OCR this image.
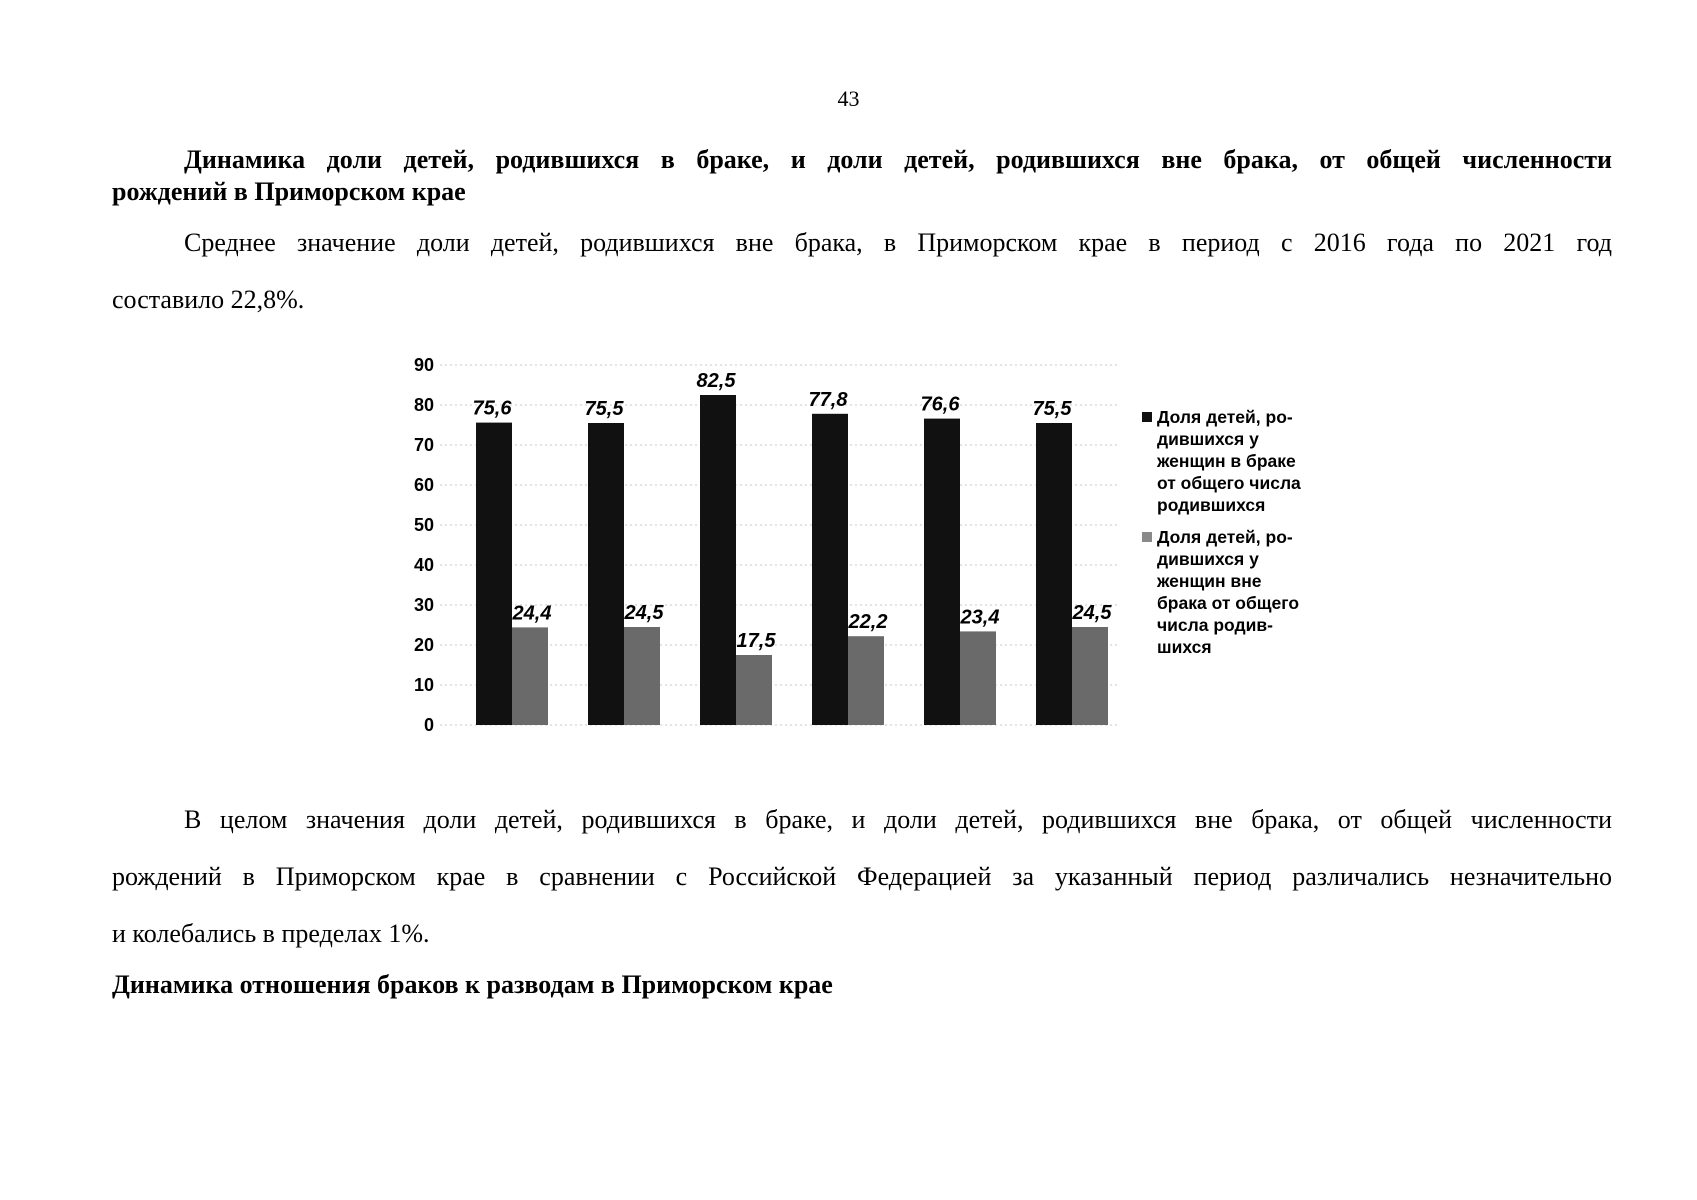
43
Динамика доли детей, родившихся в браке, и доли детей, родившихся вне брака, от общей численности
рождений в Приморском крае
Среднее значение доли детей, родившихся вне брака, в Приморском крае в период с 2016 года по 2021 год
составило 22,8%.
0
10
20
30
40
50
60
70
80
90
75,6	75,5
82,5
77,8	76,6	75,5
24,4	24,5
17,5
22,2	23,4	24,5
Доля детей, ро-
дившихся у
женщин в браке
от общего числа
родившихся
Доля детей, ро-
дившихся у
женщин вне
брака от общего
числа родив-
шихся
В целом значения доли детей, родившихся в браке, и доли детей, родившихся вне брака, от общей численности
рождений в Приморском крае в сравнении с Российской Федерацией за указанный период различались незначительно
и колебались в пределах 1%.
Динамика отношения браков к разводам в Приморском крае
